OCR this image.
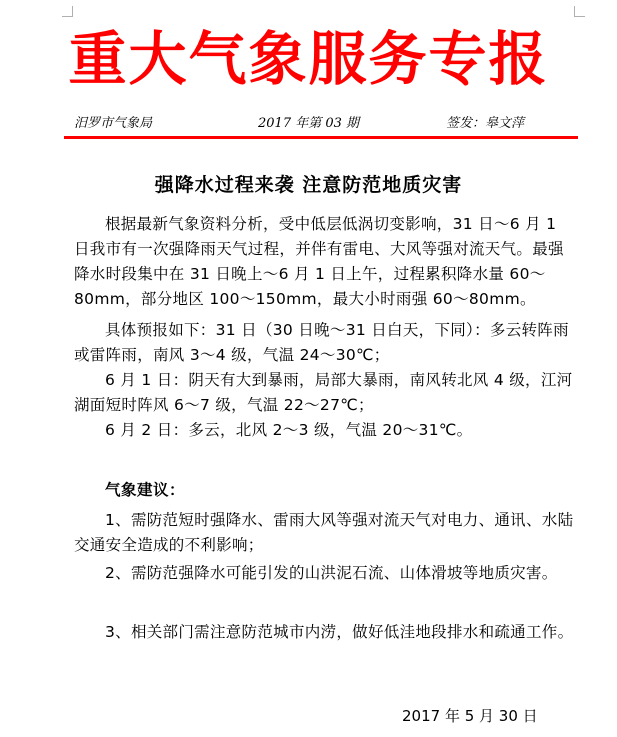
重大气象服务专报
汨罗市气象局	2017 年第 03 期	签发：皋文萍
强降水过程来袭 注意防范地质灾害

根据最新气象资料分析，受中低层低涡切变影响，31 日～6 月 1 日我市有一次强降雨天气过程，并伴有雷电、大风等强对流天气。最强降水时段集中在 31 日晚上～6 月 1 日上午，过程累积降水量 60～80mm，部分地区 100～150mm，最大小时雨强 60～80mm。

具体预报如下：31 日（30 日晚～31 日白天，下同）：多云转阵雨或雷阵雨，南风 3～4 级，气温 24～30℃；

6 月 1 日：阴天有大到暴雨，局部大暴雨，南风转北风 4 级，江河湖面短时阵风 6～7 级，气温 22～27℃；

6 月 2 日：多云，北风 2～3 级，气温 20～31℃。

气象建议：

1、需防范短时强降水、雷雨大风等强对流天气对电力、通讯、水陆交通安全造成的不利影响；

2、需防范强降水可能引发的山洪泥石流、山体滑坡等地质灾害。

3、相关部门需注意防范城市内涝，做好低洼地段排水和疏通工作。

2017 年 5 月 30 日
